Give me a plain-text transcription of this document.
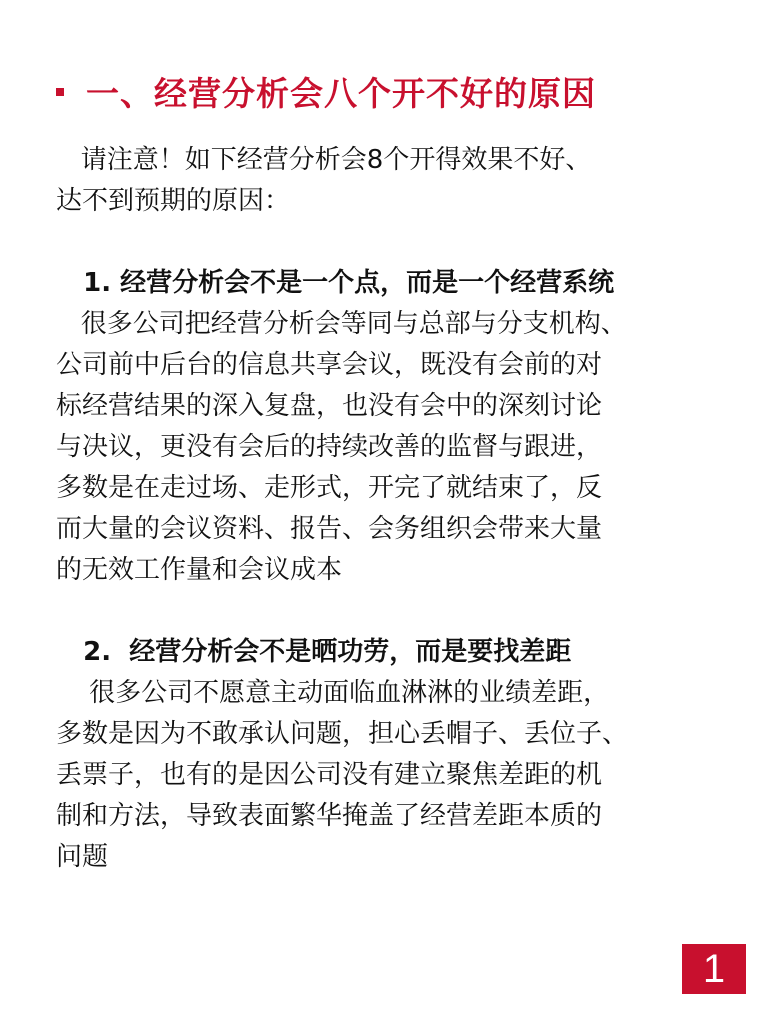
一、经营分析会八个开不好的原因

请注意！如下经营分析会8个开得效果不好、

达不到预期的原因：

1. 经营分析会不是一个点，而是一个经营系统

很多公司把经营分析会等同与总部与分支机构、

公司前中后台的信息共享会议，既没有会前的对

标经营结果的深入复盘，也没有会中的深刻讨论

与决议，更没有会后的持续改善的监督与跟进，

多数是在走过场、走形式，开完了就结束了，反

而大量的会议资料、报告、会务组织会带来大量

的无效工作量和会议成本

2.  经营分析会不是晒功劳，而是要找差距

很多公司不愿意主动面临血淋淋的业绩差距，

多数是因为不敢承认问题，担心丢帽子、丢位子、

丢票子，也有的是因公司没有建立聚焦差距的机

制和方法，导致表面繁华掩盖了经营差距本质的

问题

1
